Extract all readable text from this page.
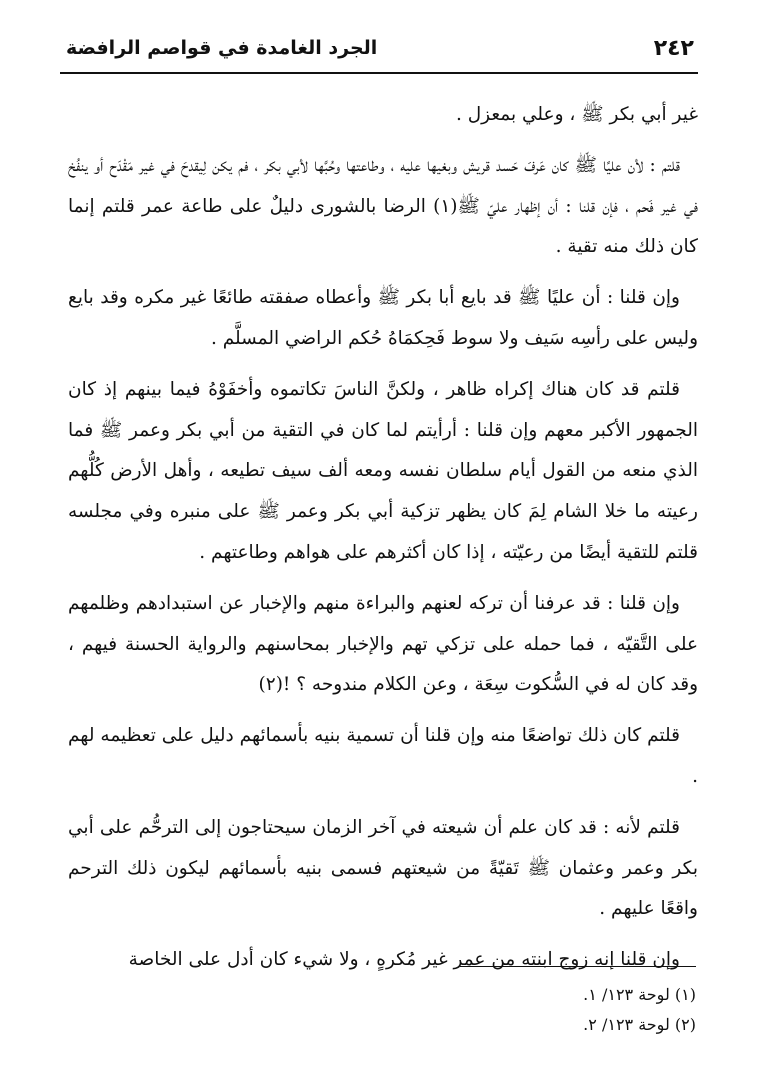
٢٤٢
الجرد الغامدة في قواصم الرافضة

غير أبي بكر ﷺ ، وعلي بمعزل .

قلتم : لأن عليًا ﷺ كان عَرفَ حَسد قريش وبغيها عليه ، وطاعتها وحُبَّها لأبي بكر ، فم يكن لِيقدحَ في غير مَقْدَح أو ينفُخ في غير فَحم ، فإن قلنا : أن إظهار عليّ ﷺ(١) الرضا بالشورى دليلٌ على طاعة عمر قلتم إنما كان ذلك منه تقية .

وإن قلنا : أن عليًا ﷺ قد بايع أبا بكر ﷺ وأعطاه صفقته طائعًا غير مكره وقد بايع وليس على رأسِه سَيف ولا سوط فَحِكمَاهُ حُكم الراضي المسلَّم .

قلتم قد كان هناك إكراه ظاهر ، ولكنَّ الناسَ تكاتموه وأخفَوْهُ فيما بينهم إذ كان الجمهور الأكبر معهم وإن قلنا : أرأيتم لما كان في التقية من أبي بكر وعمر ﷺ فما الذي منعه من القول أيام سلطان نفسه ومعه ألف سيف تطيعه ، وأهل الأرض كُلُّهم رعيته ما خلا الشام لِمَ كان يظهر تزكية أبي بكر وعمر ﷺ على منبره وفي مجلسه قلتم للتقية أيضًا من رعيّته ، إذا كان أكثرهم على هواهم وطاعتهم .

وإن قلنا : قد عرفنا أن تركه لعنهم والبراءة منهم والإخبار عن استبدادهم وظلمهم على التَّقيّه ، فما حمله على تزكي تهم والإخبار بمحاسنهم والرواية الحسنة فيهم ، وقد كان له في السُّكوت سِعَة ، وعن الكلام مندوحه ؟ !(٢)

قلتم كان ذلك تواضعًا منه وإن قلنا أن تسمية بنيه بأسمائهم دليل على تعظيمه لهم .

قلتم لأنه : قد كان علم أن شيعته في آخر الزمان سيحتاجون إلى الترحُّم على أبي بكر وعمر وعثمان ﷺ تَقيّةً من شيعتهم فسمى بنيه بأسمائهم ليكون ذلك الترحم واقعًا عليهم .

وإن قلنا إنه زوج ابنته من عمر غير مُكرهٍ ، ولا شيء كان أدل على الخاصة

(١) لوحة ١٢٣/ ١.
(٢) لوحة ١٢٣/ ٢.
